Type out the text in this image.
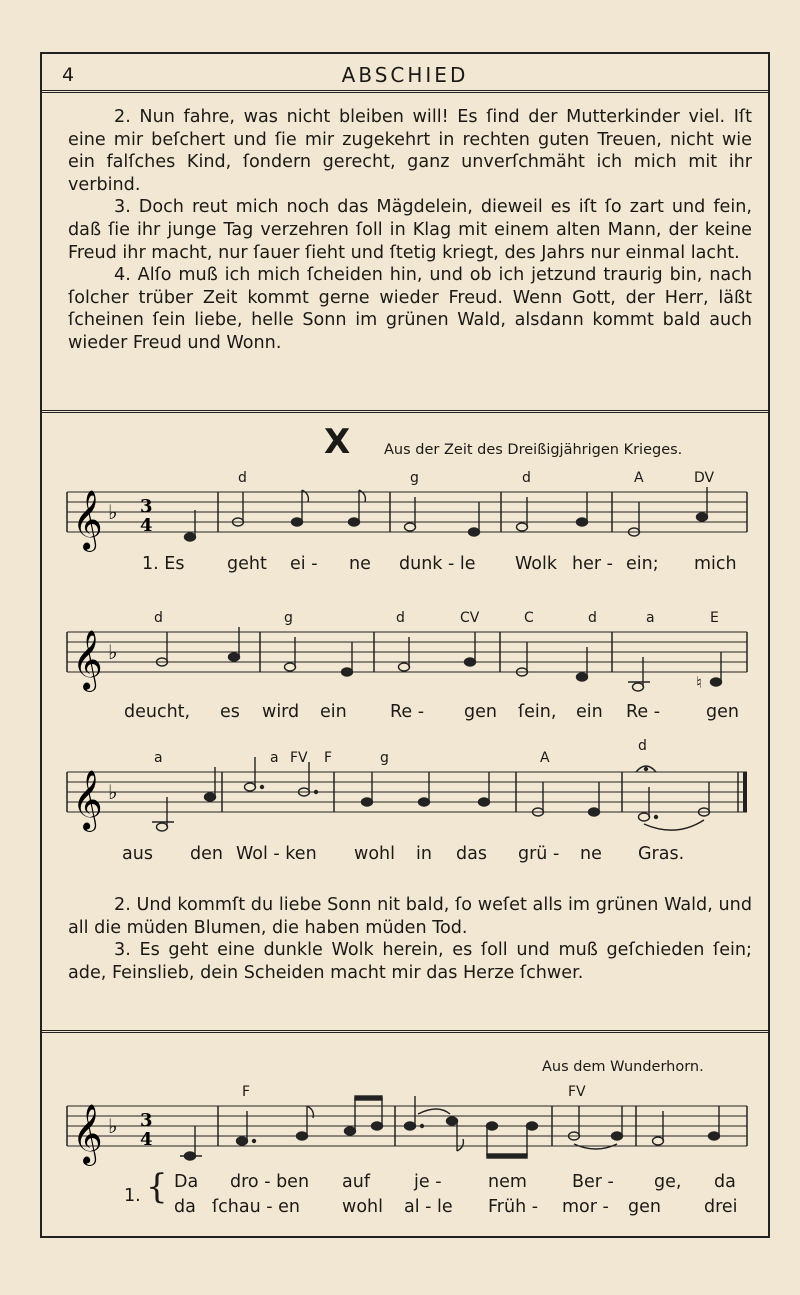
4	ABSCHIED

2. Nun fahre, was nicht bleiben will! Es ſind der Mutterkinder viel. Iſt eine mir beſchert und ſie mir zugekehrt in rechten guten Treuen, nicht wie ein falſches Kind, ſondern gerecht, ganz unverſchmäht ich mich mit ihr verbind.

3. Doch reut mich noch das Mägdelein, dieweil es iſt ſo zart und fein, daß ſie ihr junge Tag verzehren ſoll in Klag mit einem alten Mann, der keine Freud ihr macht, nur ſauer ſieht und ſtetig kriegt, des Jahrs nur einmal lacht.

4. Alſo muß ich mich ſcheiden hin, und ob ich jetzund traurig bin, nach ſolcher trüber Zeit kommt gerne wieder Freud. Wenn Gott, der Herr, läßt ſcheinen ſein liebe, helle Sonn im grünen Wald, alsdann kommt bald auch wieder Freud und Wonn.

X Aus der Zeit des Dreißigjährigen Krieges.
𝄞 ♭ 3
4
d	g	d	A	DV
1. Es geht ei - ne dunk - le Wolk her - ein; mich
𝄞 ♭
♮
d	g	d	CV	C	d	a	E
deucht, es wird ein Re - gen ſein, ein Re -	gen
𝄞 ♭
a	a FV F	g	A
d
aus den Wol - ken wohl in das grü - ne Gras.

2. Und kommſt du liebe Sonn nit bald, ſo weſet alls im grünen Wald, und all die müden Blumen, die haben müden Tod.

3. Es geht eine dunkle Wolk herein, es ſoll und muß geſchieden ſein; ade, Feinslieb, dein Scheiden macht mir das Herze ſchwer.

Aus dem Wunderhorn.
𝄞 ♭ 3
4
F	FV
1. { Da dro - ben auf	je -	nem	Ber - ge, da
da ſchau - en wohl al - le Früh - mor - gen drei
